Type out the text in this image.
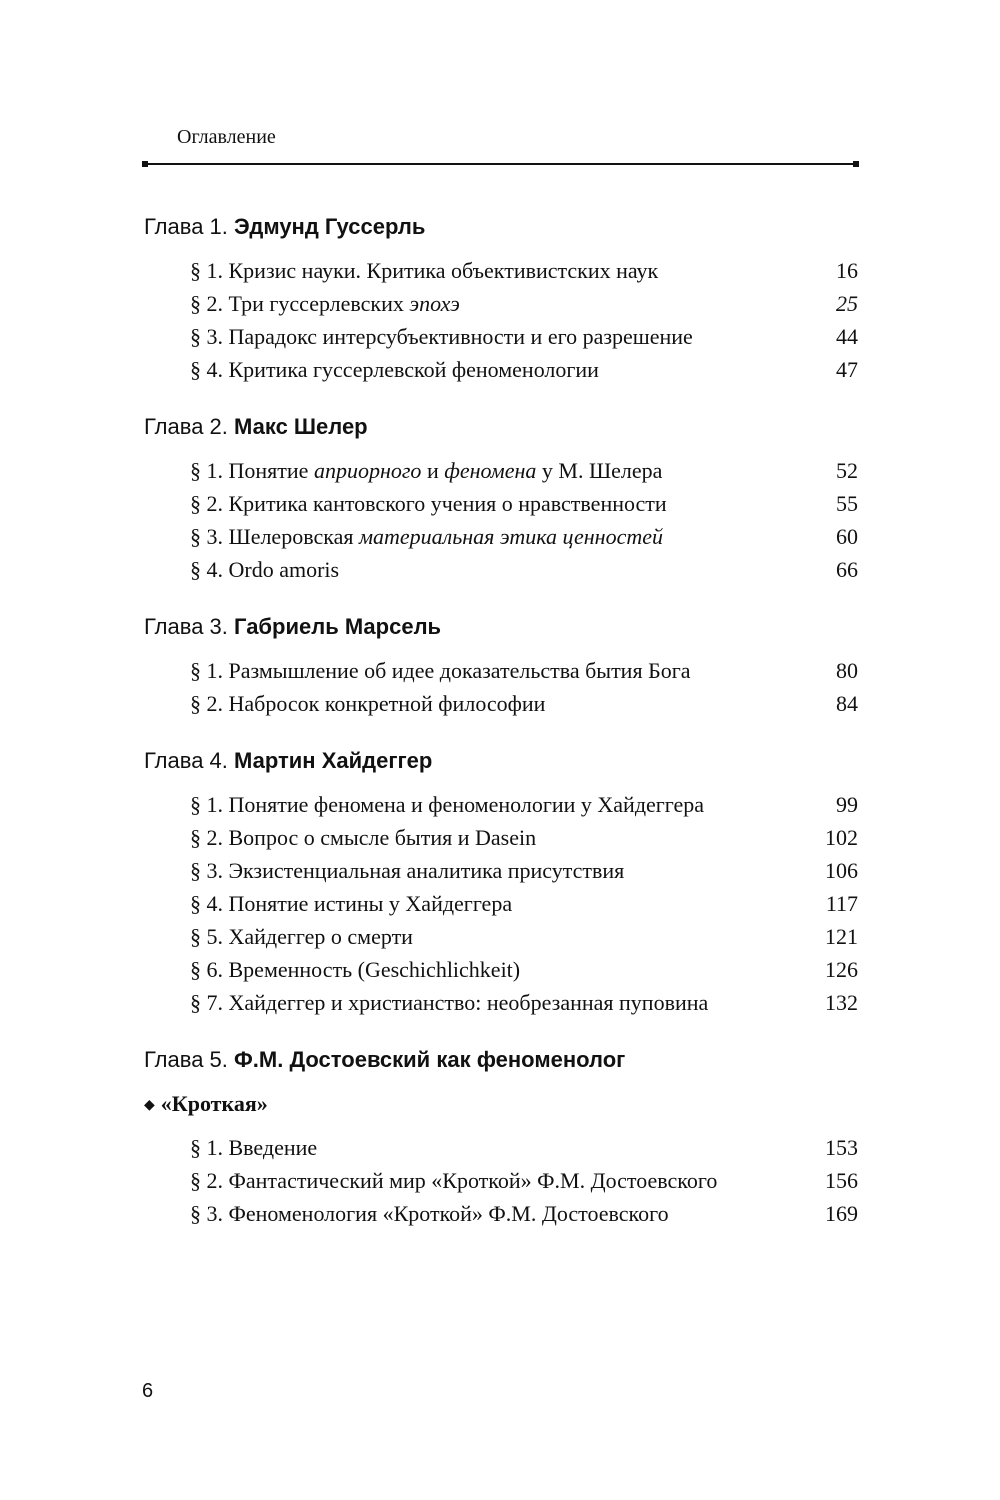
Оглавление
Глава 1. Эдмунд Гуссерль
§ 1. Кризис науки. Критика объективистских наук	16
§ 2. Три гуссерлевских эпохэ	25
§ 3. Парадокс интерсубъективности и его разрешение	44
§ 4. Критика гуссерлевской феноменологии	47
Глава 2. Макс Шелер
§ 1. Понятие априорного и феномена у М. Шелера	52
§ 2. Критика кантовского учения о нравственности	55
§ 3. Шелеровская материальная этика ценностей	60
§ 4. Ordo amoris	66
Глава 3. Габриель Марсель
§ 1. Размышление об идее доказательства бытия Бога	80
§ 2. Набросок конкретной философии	84
Глава 4. Мартин Хайдеггер
§ 1. Понятие феномена и феноменологии у Хайдеггера	99
§ 2. Вопрос о смысле бытия и Dasein	102
§ 3. Экзистенциальная аналитика присутствия	106
§ 4. Понятие истины у Хайдеггера	117
§ 5. Хайдеггер о смерти	121
§ 6. Временность (Geschichlichkeit)	126
§ 7. Хайдеггер и христианство: необрезанная пуповина	132
Глава 5. Ф.М. Достоевский как феноменолог
◆ «Кроткая»
§ 1. Введение	153
§ 2. Фантастический мир «Кроткой» Ф.М. Достоевского	156
§ 3. Феноменология «Кроткой» Ф.М. Достоевского	169
6
